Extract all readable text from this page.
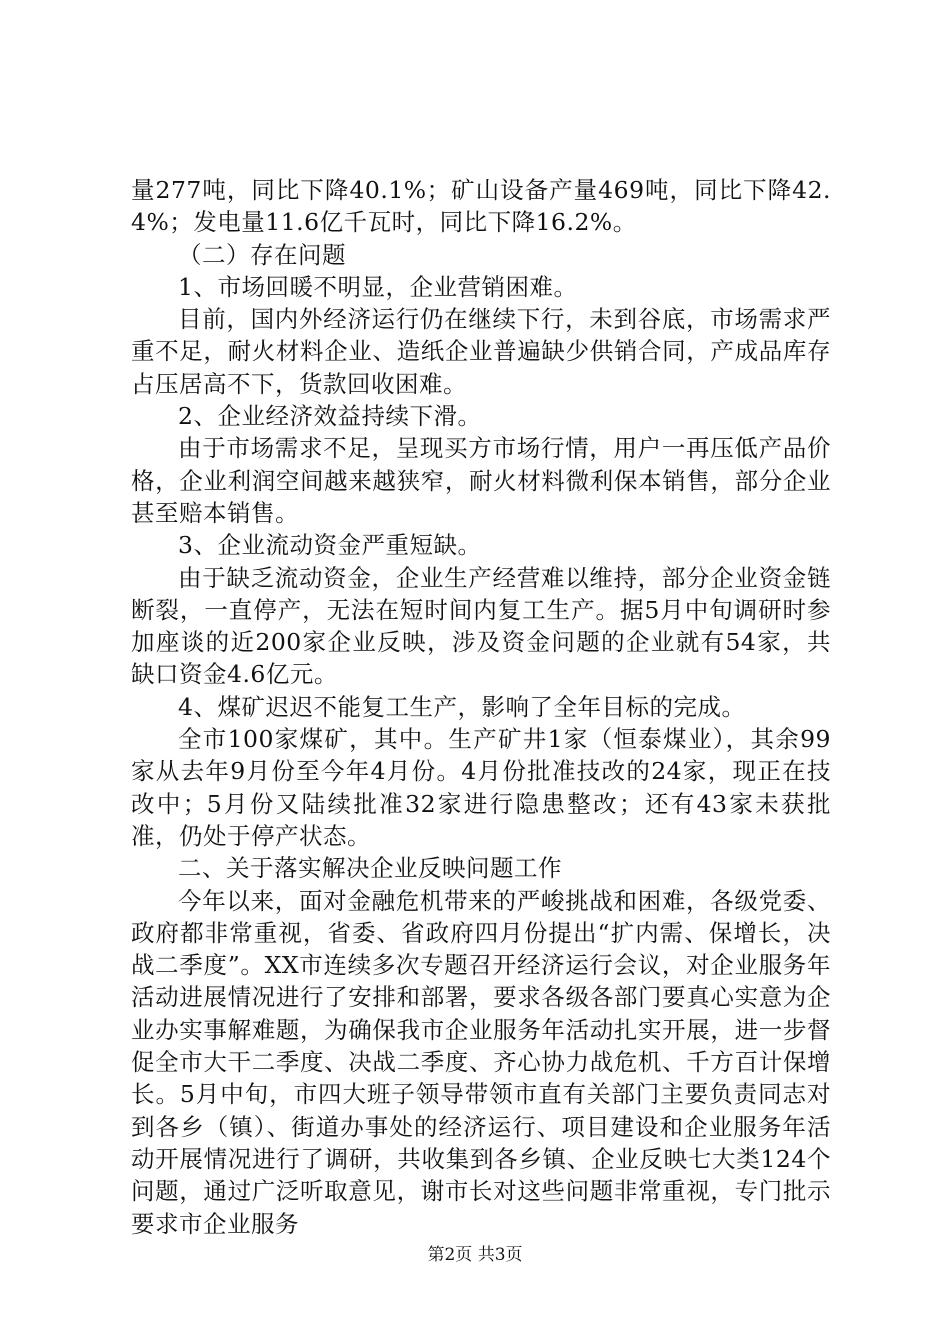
量277吨，同比下降40.1%；矿山设备产量469吨，同比下降42.4%；发电量11.6亿千瓦时，同比下降16.2%。

（二）存在问题

1、市场回暖不明显，企业营销困难。

目前，国内外经济运行仍在继续下行，未到谷底，市场需求严重不足，耐火材料企业、造纸企业普遍缺少供销合同，产成品库存占压居高不下，货款回收困难。

2、企业经济效益持续下滑。

由于市场需求不足，呈现买方市场行情，用户一再压低产品价格，企业利润空间越来越狭窄，耐火材料微利保本销售，部分企业甚至赔本销售。

3、企业流动资金严重短缺。

由于缺乏流动资金，企业生产经营难以维持，部分企业资金链断裂，一直停产，无法在短时间内复工生产。据5月中旬调研时参加座谈的近200家企业反映，涉及资金问题的企业就有54家，共缺口资金4.6亿元。

4、煤矿迟迟不能复工生产，影响了全年目标的完成。

全市100家煤矿，其中。生产矿井1家（恒泰煤业），其余99家从去年9月份至今年4月份。4月份批准技改的24家，现正在技改中；5月份又陆续批准32家进行隐患整改；还有43家未获批准，仍处于停产状态。

二、关于落实解决企业反映问题工作

今年以来，面对金融危机带来的严峻挑战和困难，各级党委、政府都非常重视，省委、省政府四月份提出“扩内需、保增长，决战二季度”。XX市连续多次专题召开经济运行会议，对企业服务年活动进展情况进行了安排和部署，要求各级各部门要真心实意为企业办实事解难题，为确保我市企业服务年活动扎实开展，进一步督促全市大干二季度、决战二季度、齐心协力战危机、千方百计保增长。5月中旬，市四大班子领导带领市直有关部门主要负责同志对到各乡（镇）、街道办事处的经济运行、项目建设和企业服务年活动开展情况进行了调研，共收集到各乡镇、企业反映七大类124个问题，通过广泛听取意见，谢市长对这些问题非常重视，专门批示要求市企业服务

第2页 共3页
